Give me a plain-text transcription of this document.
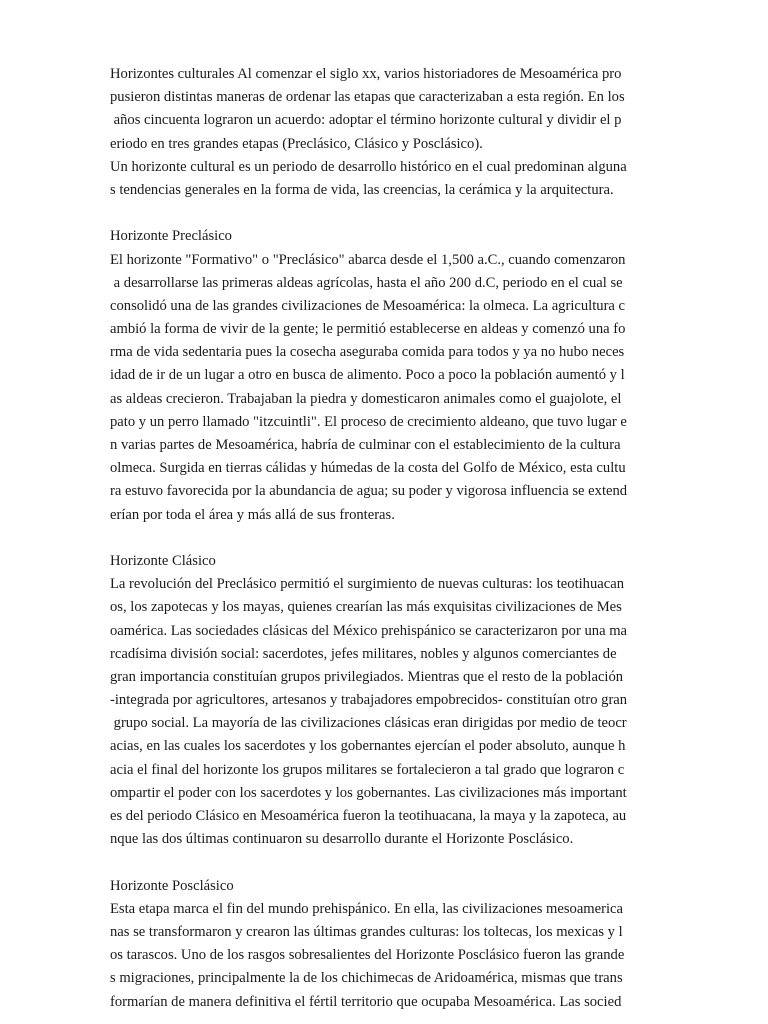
Horizontes culturales Al comenzar el siglo xx, varios historiadores de Mesoamérica pro
pusieron distintas maneras de ordenar las etapas que caracterizaban a esta región. En los
años cincuenta lograron un acuerdo: adoptar el término horizonte cultural y dividir el p
eriodo en tres grandes etapas (Preclásico, Clásico y Posclásico).
Un horizonte cultural es un periodo de desarrollo histórico en el cual predominan alguna
s tendencias generales en la forma de vida, las creencias, la cerámica y la arquitectura.
Horizonte Preclásico
El horizonte "Formativo" o "Preclásico" abarca desde el 1,500 a.C., cuando comenzaron
a desarrollarse las primeras aldeas agrícolas, hasta el año 200 d.C, periodo en el cual se
consolidó una de las grandes civilizaciones de Mesoamérica: la olmeca. La agricultura c
ambió la forma de vivir de la gente; le permitió establecerse en aldeas y comenzó una fo
rma de vida sedentaria pues la cosecha aseguraba comida para todos y ya no hubo neces
idad de ir de un lugar a otro en busca de alimento. Poco a poco la población aumentó y l
as aldeas crecieron. Trabajaban la piedra y domesticaron animales como el guajolote, el
pato y un perro llamado "itzcuintli". El proceso de crecimiento aldeano, que tuvo lugar e
n varias partes de Mesoamérica, habría de culminar con el establecimiento de la cultura
olmeca. Surgida en tierras cálidas y húmedas de la costa del Golfo de México, esta cultu
ra estuvo favorecida por la abundancia de agua; su poder y vigorosa influencia se extend
erían por toda el área y más allá de sus fronteras.
Horizonte Clásico
La revolución del Preclásico permitió el surgimiento de nuevas culturas: los teotihuacan
os, los zapotecas y los mayas, quienes crearían las más exquisitas civilizaciones de Mes
oamérica. Las sociedades clásicas del México prehispánico se caracterizaron por una ma
rcadísima división social: sacerdotes, jefes militares, nobles y algunos comerciantes de
gran importancia constituían grupos privilegiados. Mientras que el resto de la población
-integrada por agricultores, artesanos y trabajadores empobrecidos- constituían otro gran
grupo social. La mayoría de las civilizaciones clásicas eran dirigidas por medio de teocr
acias, en las cuales los sacerdotes y los gobernantes ejercían el poder absoluto, aunque h
acia el final del horizonte los grupos militares se fortalecieron a tal grado que lograron c
ompartir el poder con los sacerdotes y los gobernantes. Las civilizaciones más important
es del periodo Clásico en Mesoamérica fueron la teotihuacana, la maya y la zapoteca, au
nque las dos últimas continuaron su desarrollo durante el Horizonte Posclásico.
Horizonte Posclásico
Esta etapa marca el fin del mundo prehispánico. En ella, las civilizaciones mesoamerica
nas se transformaron y crearon las últimas grandes culturas: los toltecas, los mexicas y l
os tarascos. Uno de los rasgos sobresalientes del Horizonte Posclásico fueron las grande
s migraciones, principalmente la de los chichimecas de Aridoamérica, mismas que trans
formarían de manera definitiva el fértil territorio que ocupaba Mesoamérica. Las socied
